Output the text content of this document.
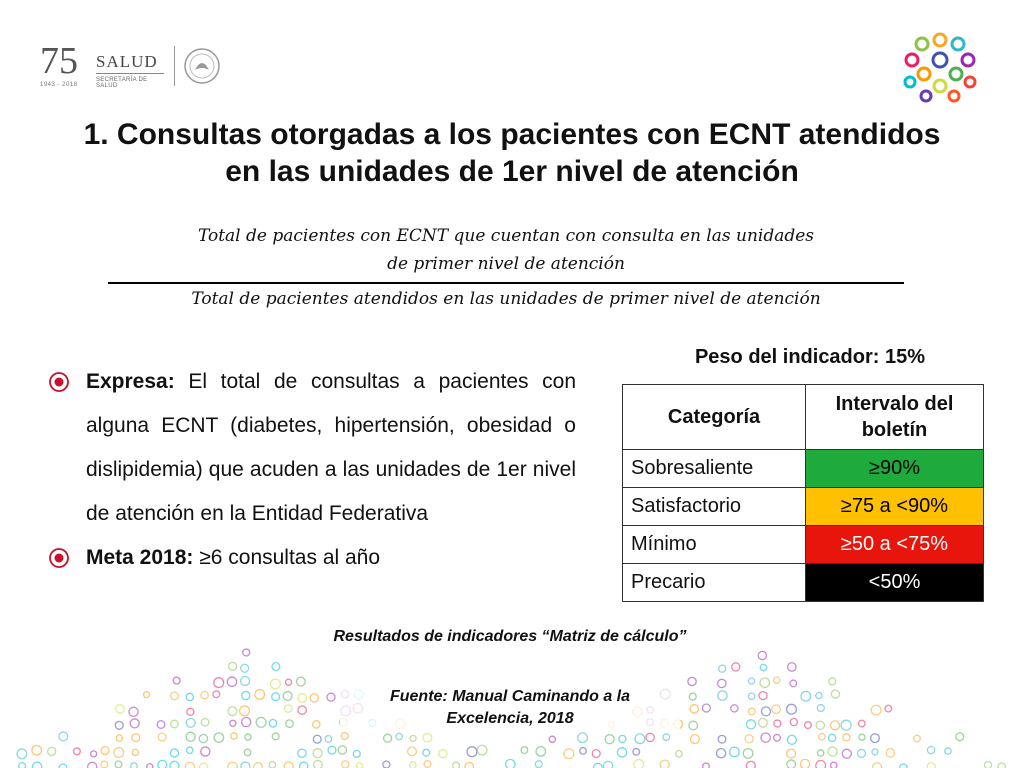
75
1943 - 2018
SALUD
SECRETARÍA DE SALUD
1. Consultas otorgadas a los pacientes con ECNT atendidos
en las unidades de 1er nivel de atención
Total de pacientes con ECNT que cuentan con consulta en las unidades
de primer nivel de atención
Total de pacientes atendidos en las unidades de primer nivel de atención
Expresa: El total de consultas a pacientes con alguna ECNT (diabetes, hipertensión, obesidad o dislipidemia) que acuden a las unidades de 1er nivel de atención en la Entidad Federativa
Meta 2018: ≥6 consultas al año
Peso del indicador: 15%
Categoría	Intervalo del boletín
Sobresaliente	≥90%
Satisfactorio	≥75 a <90%
Mínimo	≥50 a <75%
Precario	<50%
Resultados de indicadores “Matriz de cálculo”
Fuente: Manual Caminando a la
Excelencia, 2018
